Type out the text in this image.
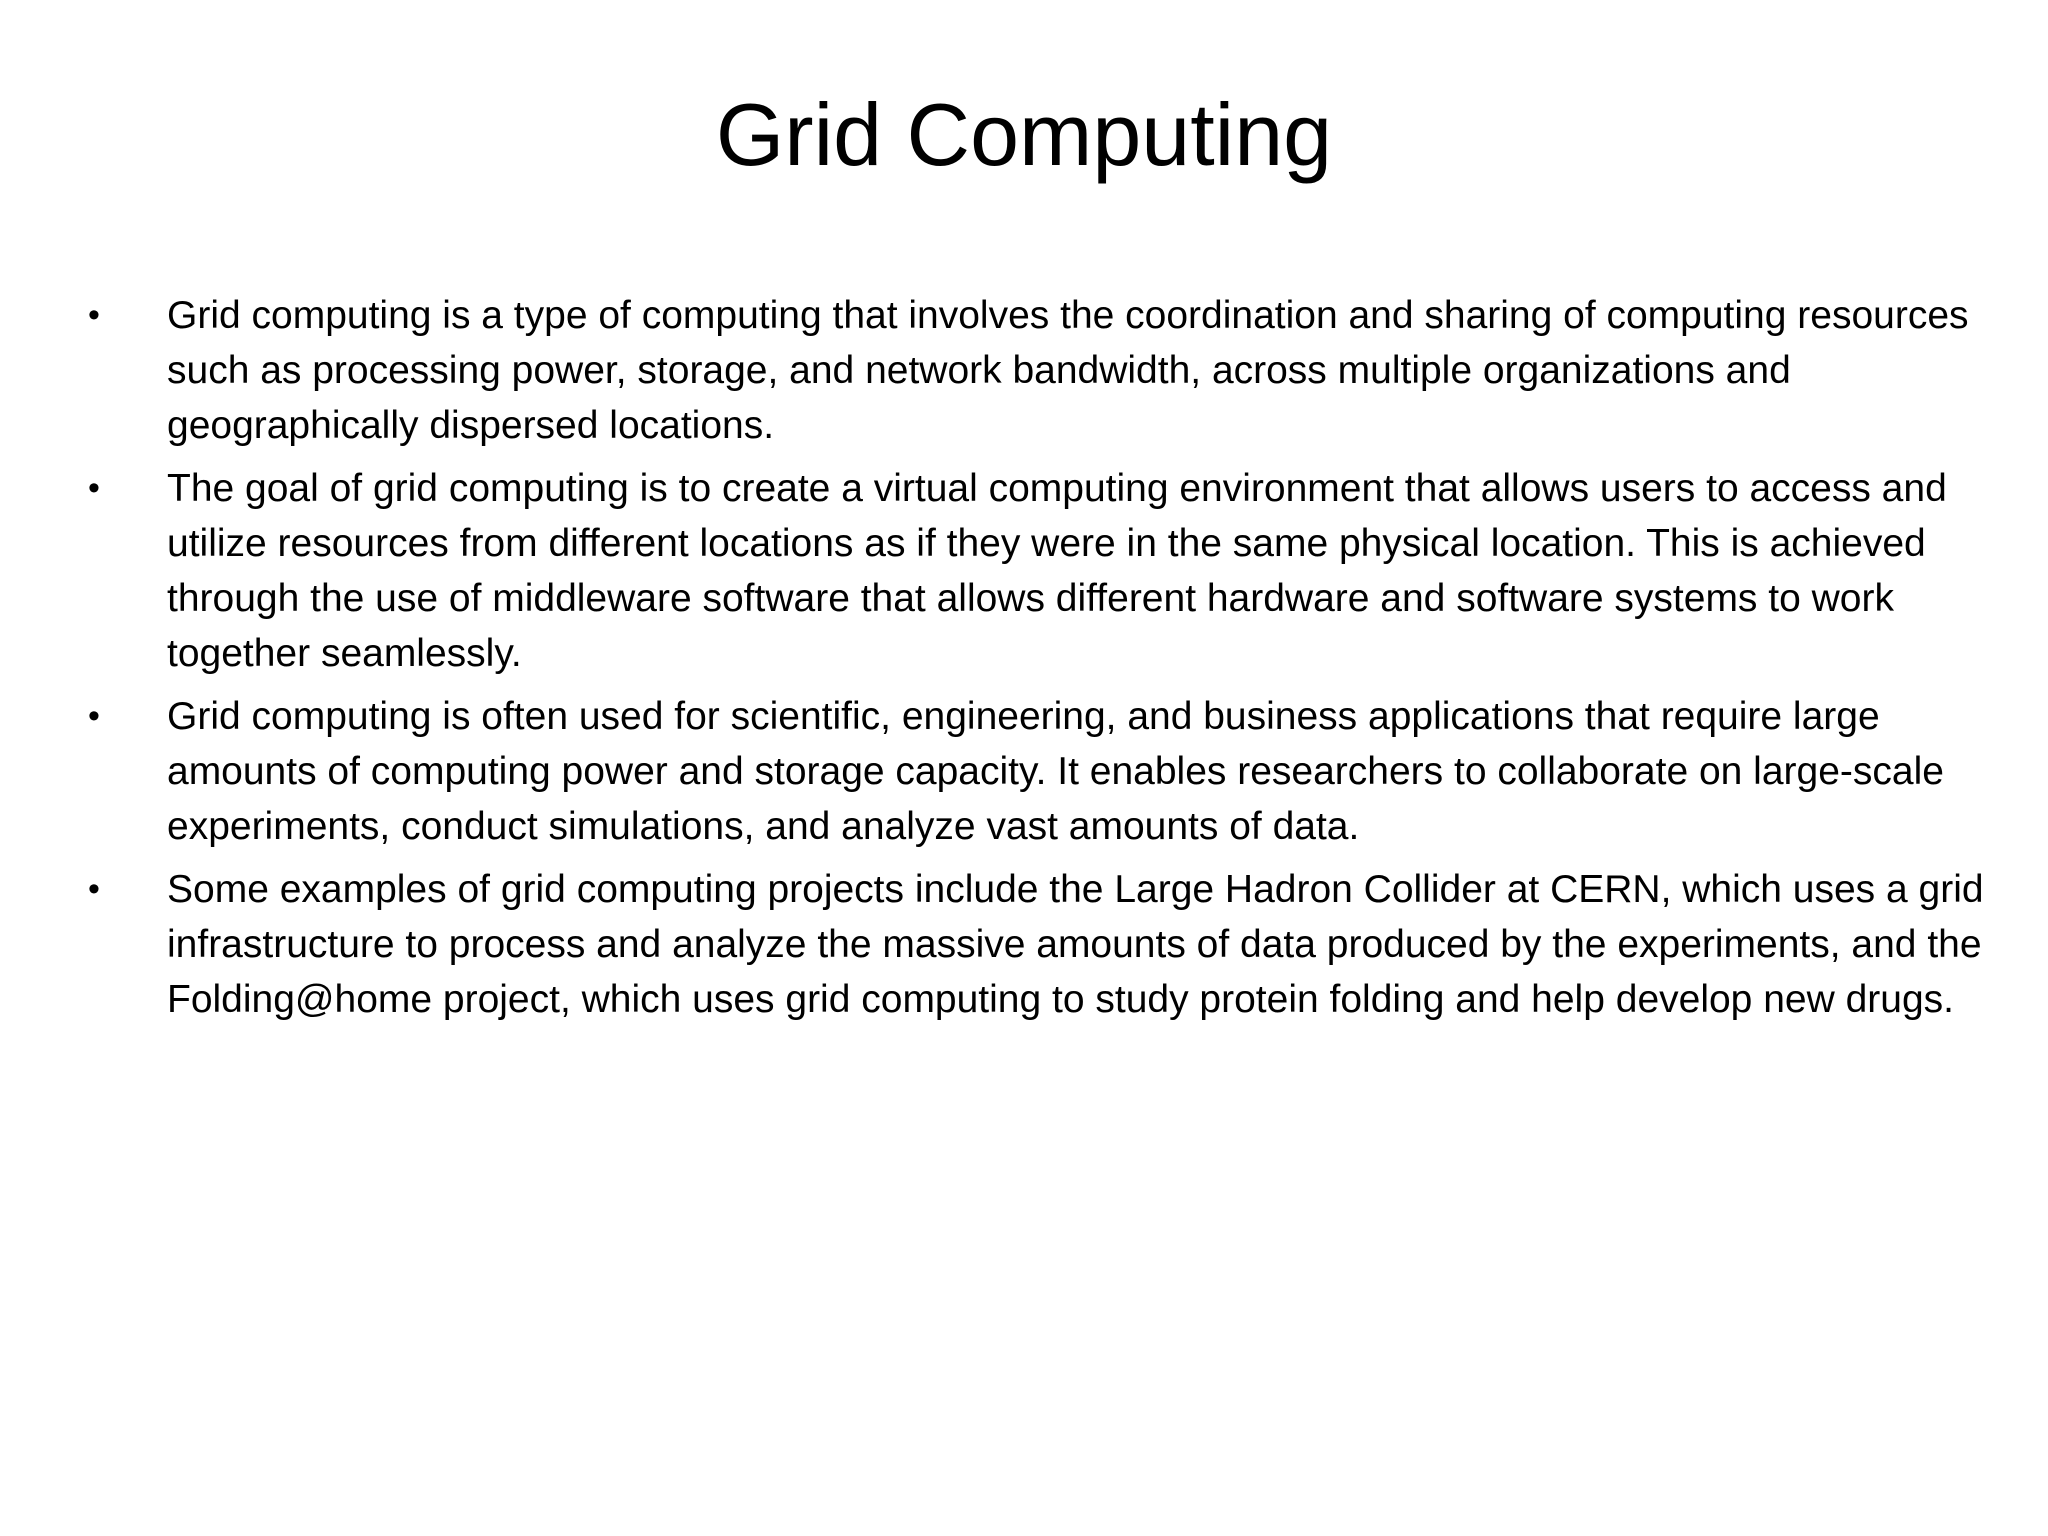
Grid Computing
•	Grid computing is a type of computing that involves the coordination and sharing of computing resources such as processing power, storage, and network bandwidth, across multiple organizations and geographically dispersed locations.
•	The goal of grid computing is to create a virtual computing environment that allows users to access and utilize resources from different locations as if they were in the same physical location. This is achieved through the use of middleware software that allows different hardware and software systems to work together seamlessly.
•	Grid computing is often used for scientific, engineering, and business applications that require large amounts of computing power and storage capacity. It enables researchers to collaborate on large-scale experiments, conduct simulations, and analyze vast amounts of data.
•	Some examples of grid computing projects include the Large Hadron Collider at CERN, which uses a grid infrastructure to process and analyze the massive amounts of data produced by the experiments, and the Folding@home project, which uses grid computing to study protein folding and help develop new drugs.
